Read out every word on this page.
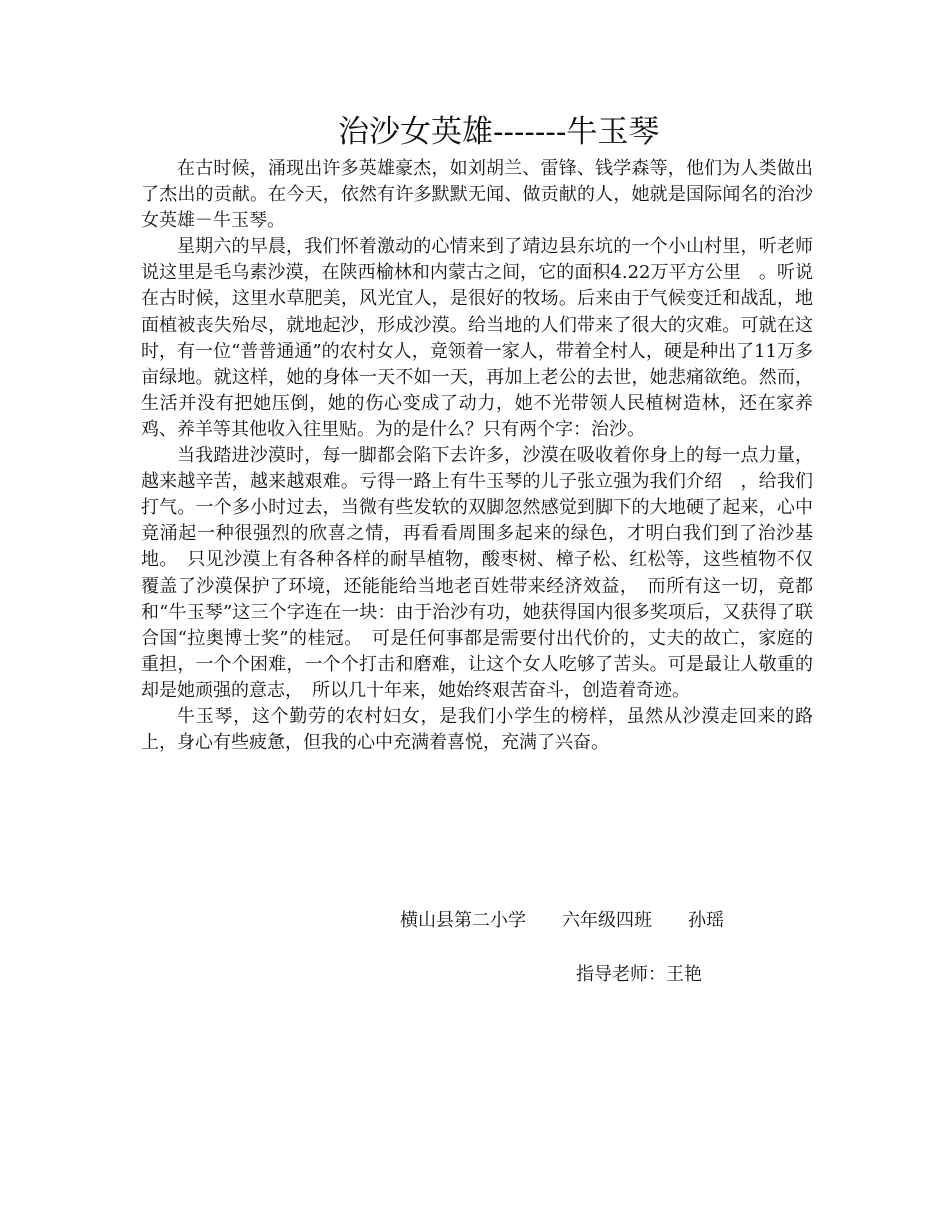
治沙女英雄-------牛玉琴

在古时候，涌现出许多英雄豪杰，如刘胡兰、雷锋、钱学森等，他们为人类做出了杰出的贡献。在今天，依然有许多默默无闻、做贡献的人，她就是国际闻名的治沙女英雄－牛玉琴。

星期六的早晨，我们怀着激动的心情来到了靖边县东坑的一个小山村里，听老师说这里是毛乌素沙漠，在陕西榆林和内蒙古之间，它的面积4.22万平方公里　。听说在古时候，这里水草肥美，风光宜人，是很好的牧场。后来由于气候变迁和战乱，地面植被丧失殆尽，就地起沙，形成沙漠。给当地的人们带来了很大的灾难。可就在这时，有一位“普普通通”的农村女人，竟领着一家人，带着全村人，硬是种出了11万多亩绿地。就这样，她的身体一天不如一天，再加上老公的去世，她悲痛欲绝。然而，生活并没有把她压倒，她的伤心变成了动力，她不光带领人民植树造林，还在家养鸡、养羊等其他收入往里贴。为的是什么？只有两个字：治沙。

当我踏进沙漠时，每一脚都会陷下去许多，沙漠在吸收着你身上的每一点力量，越来越辛苦，越来越艰难。亏得一路上有牛玉琴的儿子张立强为我们介绍　，给我们打气。一个多小时过去，当微有些发软的双脚忽然感觉到脚下的大地硬了起来，心中竟涌起一种很强烈的欣喜之情，再看看周围多起来的绿色，才明白我们到了治沙基地。　只见沙漠上有各种各样的耐旱植物，酸枣树、樟子松、红松等，这些植物不仅覆盖了沙漠保护了环境，还能能给当地老百姓带来经济效益，　而所有这一切，竟都和“牛玉琴”这三个字连在一块：由于治沙有功，她获得国内很多奖项后，又获得了联合国“拉奥博士奖”的桂冠。　可是任何事都是需要付出代价的，丈夫的故亡，家庭的重担，一个个困难，一个个打击和磨难，让这个女人吃够了苦头。可是最让人敬重的却是她顽强的意志，　所以几十年来，她始终艰苦奋斗，创造着奇迹。

牛玉琴，这个勤劳的农村妇女，是我们小学生的榜样，虽然从沙漠走回来的路上，身心有些疲惫，但我的心中充满着喜悦，充满了兴奋。

横山县第二小学　　六年级四班　　孙瑶
指导老师：王艳
